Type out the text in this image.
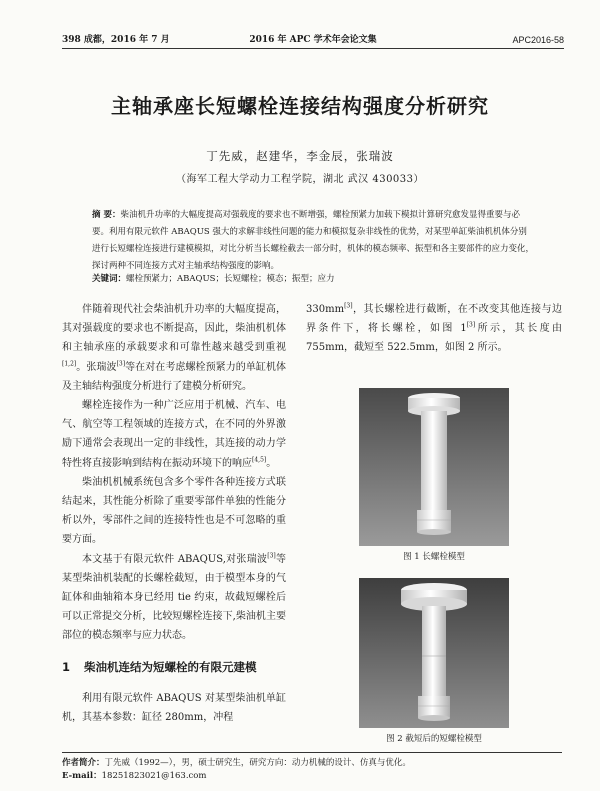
398 成都，2016 年 7 月	2016 年 APC 学术年会论文集	APC2016-58
主轴承座长短螺栓连接结构强度分析研究
丁先威，赵建华，李金辰，张瑞波
（海军工程大学动力工程学院，湖北 武汉 430033）
摘 要：柴油机升功率的大幅度提高对强载度的要求也不断增强，螺栓预紧力加载下模拟计算研究愈发显得重要与必要。利用有限元软件 ABAQUS 强大的求解非线性问题的能力和模拟复杂非线性的优势，对某型单缸柴油机机体分别进行长短螺栓连接进行建模模拟，对比分析当长螺栓截去一部分时，机体的模态频率、振型和各主要部件的应力变化，探讨两种不同连接方式对主轴承结构强度的影响。
关键词：螺栓预紧力；ABAQUS；长短螺栓；模态；振型；应力

伴随着现代社会柴油机升功率的大幅度提高，其对强载度的要求也不断提高，因此，柴油机机体和主轴承座的承载要求和可靠性越来越受到重视[1,2]。张瑞波[3]等在对在考虑螺栓预紧力的单缸机体及主轴结构强度分析进行了建模分析研究。

螺栓连接作为一种广泛应用于机械、汽车、电气、航空等工程领域的连接方式，在不同的外界激励下通常会表现出一定的非线性，其连接的动力学特性将直接影响到结构在振动环境下的响应[4,5]。

柴油机机械系统包含多个零件各种连接方式联结起来，其性能分析除了重要零部件单独的性能分析以外，零部件之间的连接特性也是不可忽略的重要方面。

本文基于有限元软件 ABAQUS,对张瑞波[3]等某型柴油机装配的长螺栓截短，由于模型本身的气缸体和曲轴箱本身已经用 tie 约束，故截短螺栓后可以正常提交分析，比较短螺栓连接下,柴油机主要部位的模态频率与应力状态。

1 柴油机连结为短螺栓的有限元建模

利用有限元软件 ABAQUS 对某型柴油机单缸机，其基本参数：缸径 280mm，冲程

330mm[3]，其长螺栓进行截断，在不改变其他连接与边界条件下，将长螺栓，如图 1[3]所示，其长度由 755mm，截短至 522.5mm，如图 2 所示。

图 1 长螺栓模型
图 2 截短后的短螺栓模型
作者简介：丁先威（1992—），男，硕士研究生，研究方向：动力机械的设计、仿真与优化。
E-mail：18251823021@163.com
